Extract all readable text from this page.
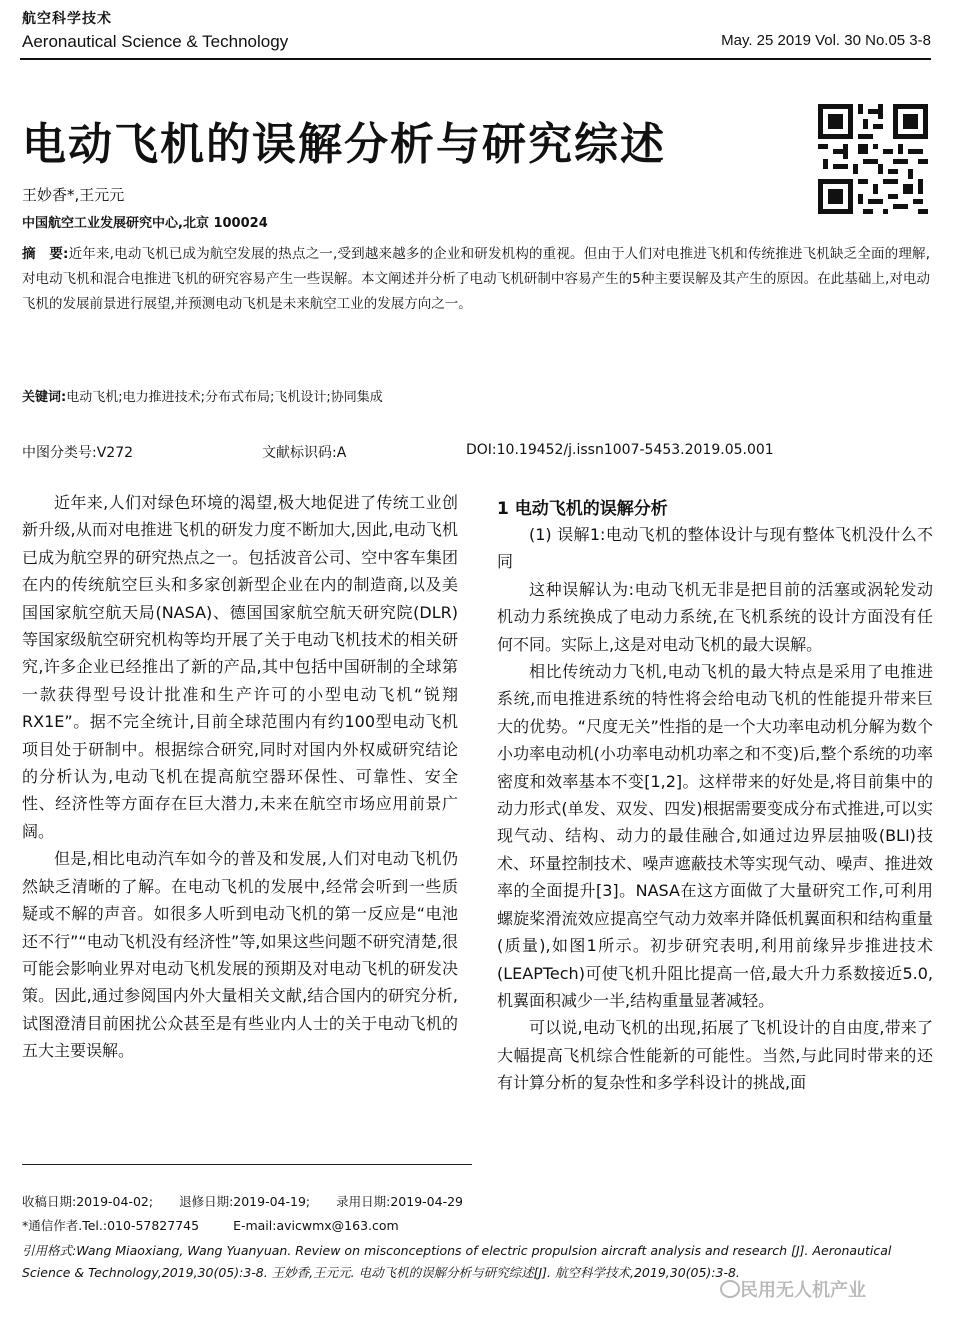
航空科学技术
Aeronautical Science & Technology	May. 25 2019 Vol. 30 No.05 3-8
电动飞机的误解分析与研究综述
王妙香*,王元元
中国航空工业发展研究中心,北京 100024
摘　要:近年来,电动飞机已成为航空发展的热点之一,受到越来越多的企业和研发机构的重视。但由于人们对电推进飞机和传统推进飞机缺乏全面的理解,对电动飞机和混合电推进飞机的研究容易产生一些误解。本文阐述并分析了电动飞机研制中容易产生的5种主要误解及其产生的原因。在此基础上,对电动飞机的发展前景进行展望,并预测电动飞机是未来航空工业的发展方向之一。
关键词:电动飞机;电力推进技术;分布式布局;飞机设计;协同集成
中图分类号:V272	文献标识码:A	DOI:10.19452/j.issn1007-5453.2019.05.001

近年来,人们对绿色环境的渴望,极大地促进了传统工业创新升级,从而对电推进飞机的研发力度不断加大,因此,电动飞机已成为航空界的研究热点之一。包括波音公司、空中客车集团在内的传统航空巨头和多家创新型企业在内的制造商,以及美国国家航空航天局(NASA)、德国国家航空航天研究院(DLR)等国家级航空研究机构等均开展了关于电动飞机技术的相关研究,许多企业已经推出了新的产品,其中包括中国研制的全球第一款获得型号设计批准和生产许可的小型电动飞机“锐翔RX1E”。据不完全统计,目前全球范围内有约100型电动飞机项目处于研制中。根据综合研究,同时对国内外权威研究结论的分析认为,电动飞机在提高航空器环保性、可靠性、安全性、经济性等方面存在巨大潜力,未来在航空市场应用前景广阔。

但是,相比电动汽车如今的普及和发展,人们对电动飞机仍然缺乏清晰的了解。在电动飞机的发展中,经常会听到一些质疑或不解的声音。如很多人听到电动飞机的第一反应是“电池还不行”“电动飞机没有经济性”等,如果这些问题不研究清楚,很可能会影响业界对电动飞机发展的预期及对电动飞机的研发决策。因此,通过参阅国内外大量相关文献,结合国内的研究分析,试图澄清目前困扰公众甚至是有些业内人士的关于电动飞机的五大主要误解。

1 电动飞机的误解分析

(1) 误解1:电动飞机的整体设计与现有整体飞机没什么不同

这种误解认为:电动飞机无非是把目前的活塞或涡轮发动机动力系统换成了电动力系统,在飞机系统的设计方面没有任何不同。实际上,这是对电动飞机的最大误解。

相比传统动力飞机,电动飞机的最大特点是采用了电推进系统,而电推进系统的特性将会给电动飞机的性能提升带来巨大的优势。“尺度无关”性指的是一个大功率电动机分解为数个小功率电动机(小功率电动机功率之和不变)后,整个系统的功率密度和效率基本不变[1,2]。这样带来的好处是,将目前集中的动力形式(单发、双发、四发)根据需要变成分布式推进,可以实现气动、结构、动力的最佳融合,如通过边界层抽吸(BLI)技术、环量控制技术、噪声遮蔽技术等实现气动、噪声、推进效率的全面提升[3]。NASA在这方面做了大量研究工作,可利用螺旋桨滑流效应提高空气动力效率并降低机翼面积和结构重量(质量),如图1所示。初步研究表明,利用前缘异步推进技术(LEAPTech)可使飞机升阻比提高一倍,最大升力系数接近5.0,机翼面积减少一半,结构重量显著减轻。

可以说,电动飞机的出现,拓展了飞机设计的自由度,带来了大幅提高飞机综合性能新的可能性。当然,与此同时带来的还有计算分析的复杂性和多学科设计的挑战,面

收稿日期:2019-04-02; 退修日期:2019-04-19; 录用日期:2019-04-29
*通信作者.Tel.:010-57827745	E-mail:avicwmx@163.com
引用格式:Wang Miaoxiang, Wang Yuanyuan. Review on misconceptions of electric propulsion aircraft analysis and research [J]. Aeronautical Science & Technology,2019,30(05):3-8. 王妙香,王元元. 电动飞机的误解分析与研究综述[J]. 航空科学技术,2019,30(05):3-8.
民用无人机产业
